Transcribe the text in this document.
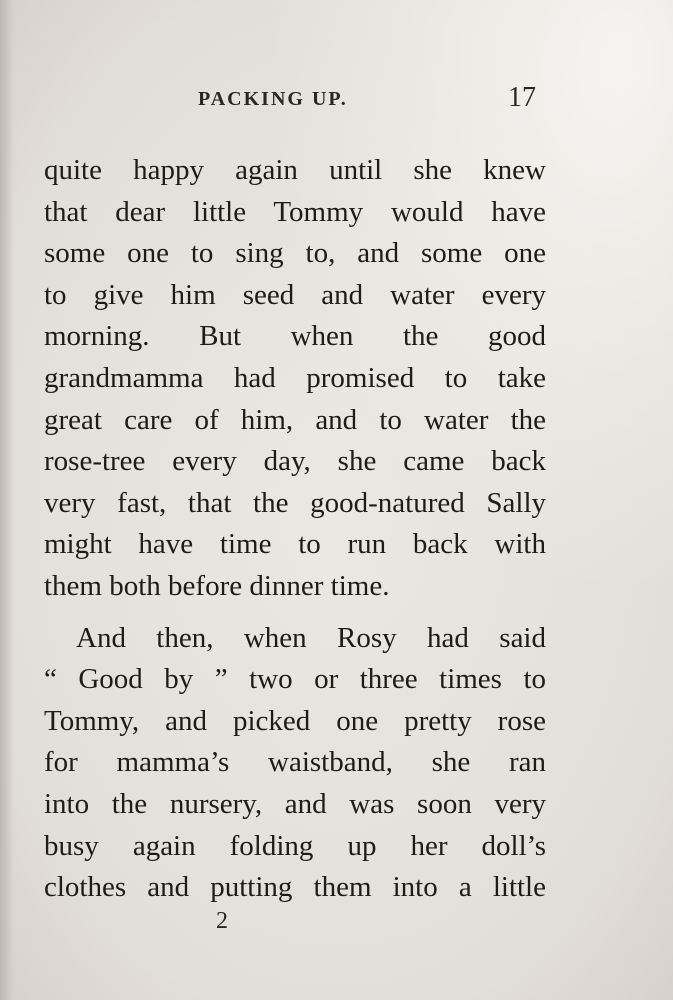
PACKING UP.	17
quite happy again until she knew
that dear little Tommy would have
some one to sing to, and some one
to give him seed and water every
morning. But when the good
grandmamma had promised to take
great care of him, and to water the
rose-tree every day, she came back
very fast, that the good-natured Sally
might have time to run back with
them both before dinner time.
And then, when Rosy had said
“ Good by ” two or three times to
Tommy, and picked one pretty rose
for mamma’s waistband, she ran
into the nursery, and was soon very
busy again folding up her doll’s
clothes and putting them into a little
2
